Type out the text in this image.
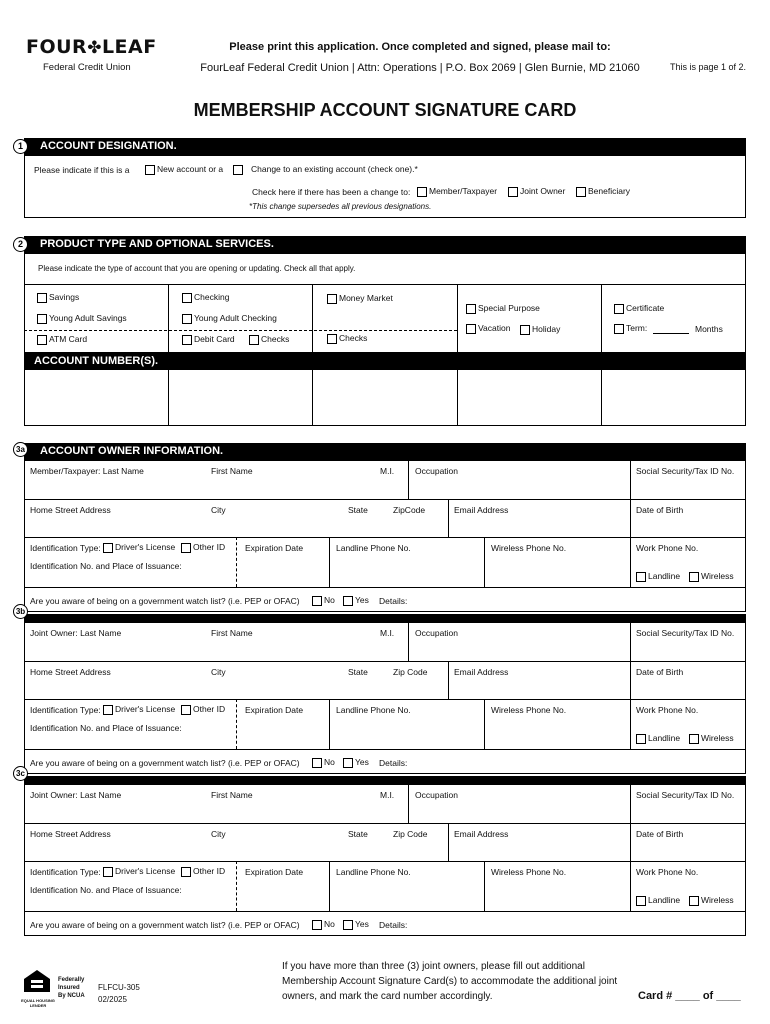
FOUR✤LEAF
Federal Credit Union
Please print this application. Once completed and signed, please mail to:
FourLeaf Federal Credit Union | Attn: Operations | P.O. Box 2069 | Glen Burnie, MD 21060	This is page 1 of 2.
MEMBERSHIP ACCOUNT SIGNATURE CARD
ACCOUNT DESIGNATION.
1
Please indicate if this is a	New account or a	Change to an existing account (check one).*
Check here if there has been a change to:	Member/Taxpayer	Joint Owner	Beneficiary
*This change supersedes all previous designations.
PRODUCT TYPE AND OPTIONAL SERVICES.
2
Please indicate the type of account that you are opening or updating. Check all that apply.
Savings
Young Adult Savings
ATM Card
Checking
Young Adult Checking
Debit Card	Checks
Money Market
Checks
Special Purpose
Vacation	Holiday
Certificate
Term:	Months
ACCOUNT NUMBER(S).
ACCOUNT OWNER INFORMATION.
3a
Member/Taxpayer: Last Name	First Name	M.I. Occupation	Social Security/Tax ID No.
Home Street Address	City	State	ZipCode	Email Address	Date of Birth
Identification Type:	Driver's License	Other ID
Identification No. and Place of Issuance:
Expiration Date	Landline Phone No.	Wireless Phone No.	Work Phone No.
Landline	Wireless
Are you aware of being on a government watch list? (i.e. PEP or OFAC)	No	Yes Details:
3b
Joint Owner: Last Name	First Name	M.I. Occupation	Social Security/Tax ID No.
Home Street Address	City	State	Zip Code	Email Address	Date of Birth
Identification Type:	Driver's License	Other ID
Identification No. and Place of Issuance:
Expiration Date	Landline Phone No.	Wireless Phone No.	Work Phone No.
Landline	Wireless
Are you aware of being on a government watch list? (i.e. PEP or OFAC)	No	Yes Details:
3c
Joint Owner: Last Name	First Name	M.I. Occupation	Social Security/Tax ID No.
Home Street Address	City	State	Zip Code	Email Address	Date of Birth
Identification Type:	Driver's License	Other ID
Identification No. and Place of Issuance:
Expiration Date	Landline Phone No.	Wireless Phone No.	Work Phone No.
Landline	Wireless
Are you aware of being on a government watch list? (i.e. PEP or OFAC)	No	Yes Details:
EQUAL HOUSING LENDER
Federally Insured By NCUA
FLFCU-305
02/2025
If you have more than three (3) joint owners, please fill out additional Membership Account Signature Card(s) to accommodate the additional joint owners, and mark the card number accordingly.	Card # ____ of ____
